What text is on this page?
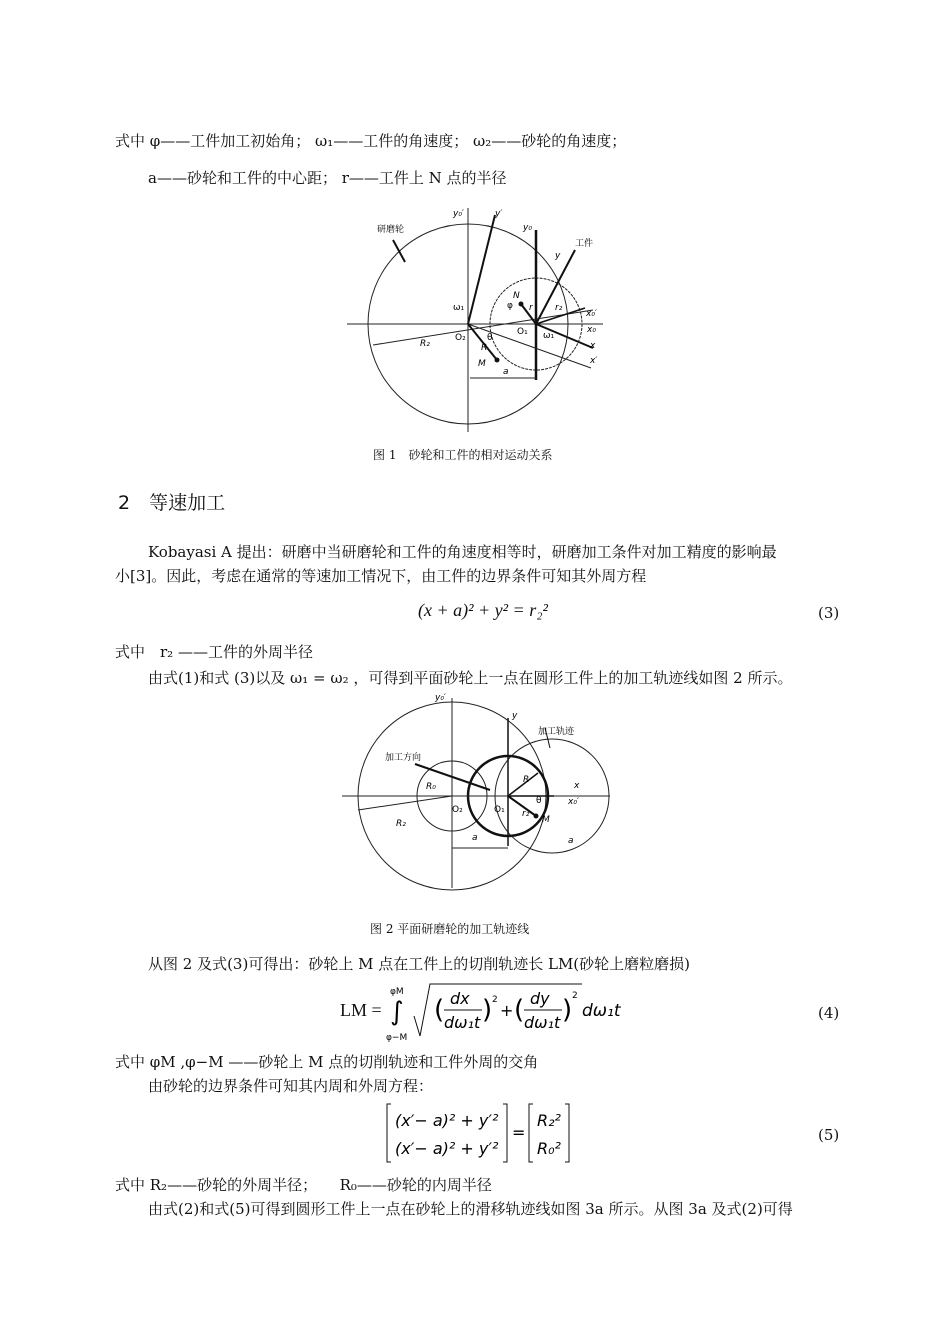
式中 φ——工件加工初始角； ω₁——工件的角速度； ω₂——砂轮的角速度；
a——砂轮和工件的中心距； r——工件上 N 点的半径
研磨轮
工件
y₀′	y′
y₀
y
N
φ r r₂
ω₁
ω₁
O₂
O₁
R₂
θ
R
M
a
x₀′
x₀
x
x′
图 1　砂轮和工件的相对运动关系
2　等速加工
Kobayasi A 提出：研磨中当研磨轮和工件的角速度相等时，研磨加工条件对加工精度的影响最
小[3]。因此，考虑在通常的等速加工情况下，由工件的边界条件可知其外周方程
(x + a)² + y² = r₂²	(3)
式中　r₂ ——工件的外周半径
由式(1)和式 (3)以及 ω₁ = ω₂ ，可得到平面砂轮上一点在圆形工件上的加工轨迹线如图 2 所示。
y₀′
y
加工方向
加工轨迹
R₀
R
x
x₀′
R₂
O₂	O₁
θ
r₂
M
a	a
图 2 平面研磨轮的加工轨迹线
从图 2 及式(3)可得出：砂轮上 M 点在工件上的切削轨迹长 LM(砂轮上磨粒磨损)
LM =
φM
∫
φ−M
( dx
dω₁t ) 2
+ ( dy
dω₁t ) 2
dω₁t	(4)
式中 φM ,φ−M ——砂轮上 M 点的切削轨迹和工件外周的交角
由砂轮的边界条件可知其内周和外周方程：
(x′− a)² + y′²
(x′− a)² + y′²
=
R₂²
R₀²
(5)
式中 R₂——砂轮的外周半径；　　R₀——砂轮的内周半径
由式(2)和式(5)可得到圆形工件上一点在砂轮上的滑移轨迹线如图 3a 所示。从图 3a 及式(2)可得
